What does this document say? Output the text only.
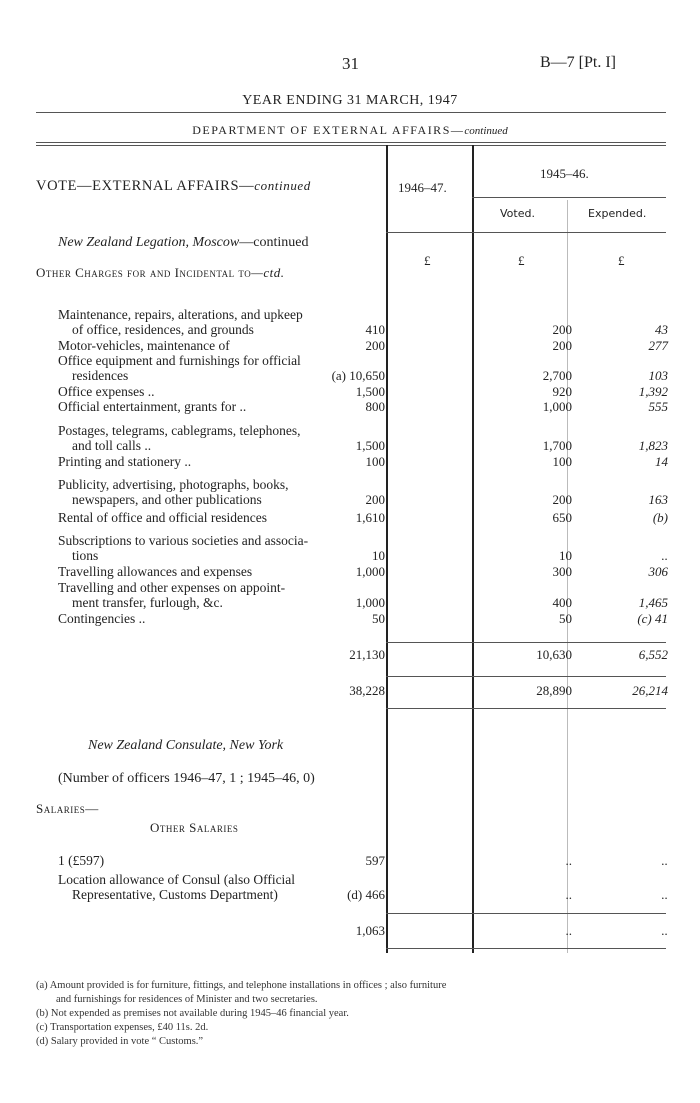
31	B—7 [Pt. I]
YEAR ENDING 31 MARCH, 1947
DEPARTMENT OF EXTERNAL AFFAIRS—continued
VOTE—EXTERNAL AFFAIRS—continued	1946–47.
1945–46.
Voted.	Expended.
£	£	£
New Zealand Legation, Moscow—continued
Other Charges for and Incidental to—ctd.
Maintenance, repairs, alterations, and upkeep
of office, residences, and grounds	410	200	43
Motor-vehicles, maintenance of	200	200	277
Office equipment and furnishings for official
residences	(a) 10,650	2,700	103
Office expenses ..	1,500	920	1,392
Official entertainment, grants for ..	800	1,000	555
Postages, telegrams, cablegrams, telephones,
and toll calls ..	1,500	1,700	1,823
Printing and stationery ..	100	100	14
Publicity, advertising, photographs, books,
newspapers, and other publications	200	200	163
Rental of office and official residences	1,610	650	(b)
Subscriptions to various societies and associa-
tions	10	10	..
Travelling allowances and expenses	1,000	300	306
Travelling and other expenses on appoint-
ment transfer, furlough, &c.	1,000	400	1,465
Contingencies ..	50	50	(c) 41
21,130	10,630	6,552
38,228	28,890	26,214
New Zealand Consulate, New York
(Number of officers 1946–47, 1 ; 1945–46, 0)
Salaries—
Other Salaries
1 (£597)	597	..	..
Location allowance of Consul (also Official
Representative, Customs Department)	(d) 466	..	..
1,063	..	..
(a) Amount provided is for furniture, fittings, and telephone installations in offices ; also furniture
and furnishings for residences of Minister and two secretaries.
(b) Not expended as premises not available during 1945–46 financial year.
(c) Transportation expenses, £40 11s. 2d.
(d) Salary provided in vote “ Customs.”
